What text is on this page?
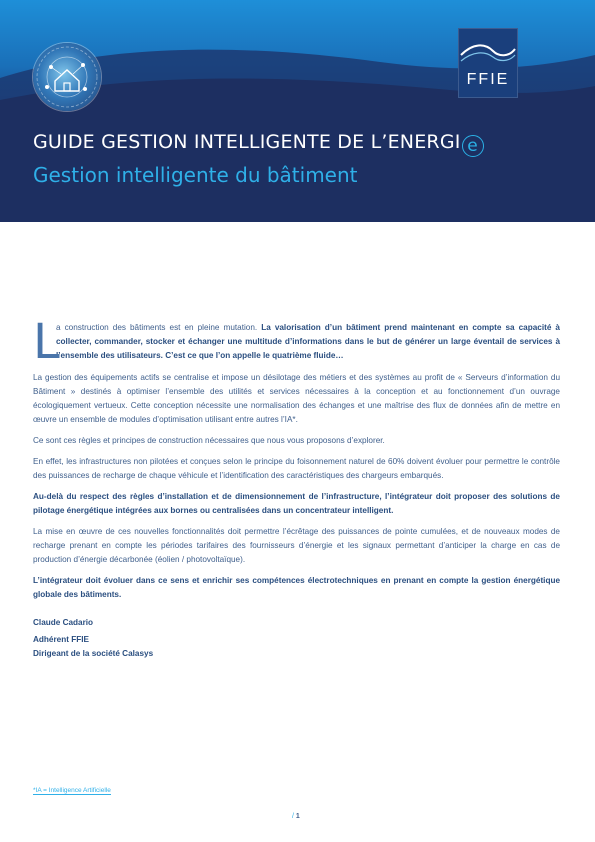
FFIE
GUIDE GESTION INTELLIGENTE DE L’ENERGI e
Gestion intelligente du bâtiment

L
a construction des bâtiments est en pleine mutation. La valorisation d’un bâtiment prend maintenant en compte sa capacité à collecter, commander, stocker et échanger une multitude d’informations dans le but de générer un large éventail de services à l’ensemble des utilisateurs. C’est ce que l’on appelle le quatrième fluide…

La gestion des équipements actifs se centralise et impose un désilotage des métiers et des systèmes au profit de « Serveurs d’information du Bâtiment » destinés à optimiser l’ensemble des utilités et services nécessaires à la conception et au fonctionnement d’un ouvrage écologiquement vertueux. Cette conception nécessite une normalisation des échanges et une maîtrise des flux de données afin de mettre en œuvre un ensemble de modules d’optimisation utilisant entre autres l’IA*.

Ce sont ces règles et principes de construction nécessaires que nous vous proposons d’explorer.

En effet, les infrastructures non pilotées et conçues selon le principe du foisonnement naturel de 60% doivent évoluer pour permettre le contrôle des puissances de recharge de chaque véhicule et l’identification des caractéristiques des chargeurs embarqués.

Au-delà du respect des règles d’installation et de dimensionnement de l’infrastructure, l’intégrateur doit proposer des solutions de pilotage énergétique intégrées aux bornes ou centralisées dans un concentrateur intelligent.

La mise en œuvre de ces nouvelles fonctionnalités doit permettre l’écrêtage des puissances de pointe cumulées, et de nouveaux modes de recharge prenant en compte les périodes tarifaires des fournisseurs d’énergie et les signaux permettant d’anticiper la charge en cas de production d’énergie décarbonée (éolien / photovoltaïque).

L’intégrateur doit évoluer dans ce sens et enrichir ses compétences électrotechniques en prenant en compte la gestion énergétique globale des bâtiments.

Claude Cadario
Adhérent FFIE
Dirigeant de la société Calasys
*IA = Intelligence Artificielle
/ 1
